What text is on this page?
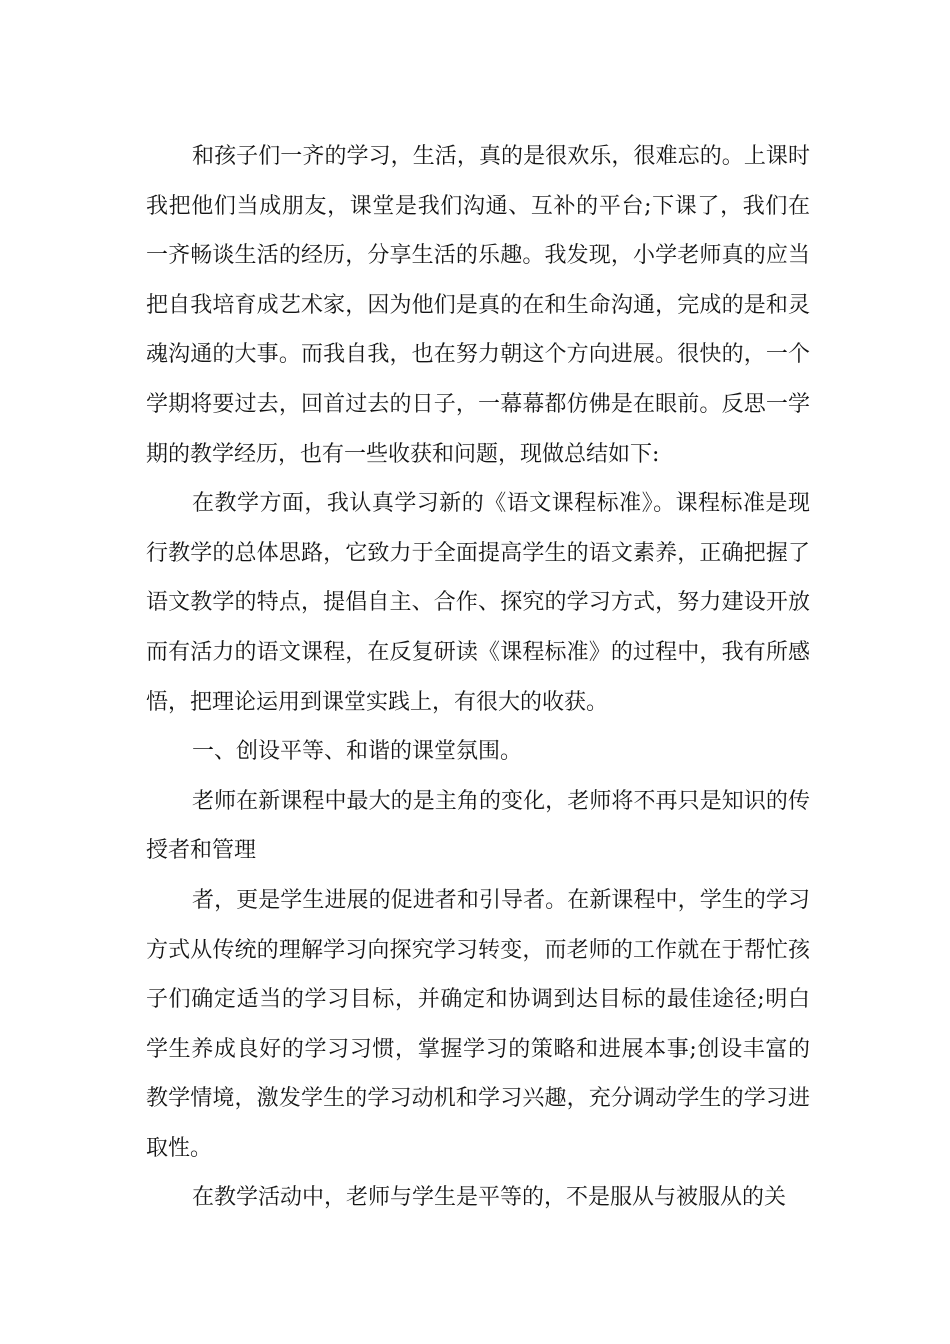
和孩子们一齐的学习，生活，真的是很欢乐，很难忘的。上课时我把他们当成朋友，课堂是我们沟通、互补的平台;下课了，我们在一齐畅谈生活的经历，分享生活的乐趣。我发现，小学老师真的应当把自我培育成艺术家，因为他们是真的在和生命沟通，完成的是和灵魂沟通的大事。而我自我，也在努力朝这个方向进展。很快的，一个学期将要过去，回首过去的日子，一幕幕都仿佛是在眼前。反思一学期的教学经历，也有一些收获和问题，现做总结如下:

在教学方面，我认真学习新的《语文课程标准》。课程标准是现行教学的总体思路，它致力于全面提高学生的语文素养，正确把握了语文教学的特点，提倡自主、合作、探究的学习方式，努力建设开放而有活力的语文课程，在反复研读《课程标准》的过程中，我有所感悟，把理论运用到课堂实践上，有很大的收获。

一、创设平等、和谐的课堂氛围。

老师在新课程中最大的是主角的变化，老师将不再只是知识的传授者和管理

者，更是学生进展的促进者和引导者。在新课程中，学生的学习方式从传统的理解学习向探究学习转变，而老师的工作就在于帮忙孩子们确定适当的学习目标，并确定和协调到达目标的最佳途径;明白学生养成良好的学习习惯，掌握学习的策略和进展本事;创设丰富的教学情境，激发学生的学习动机和学习兴趣，充分调动学生的学习进取性。

在教学活动中，老师与学生是平等的，不是服从与被服从的关
